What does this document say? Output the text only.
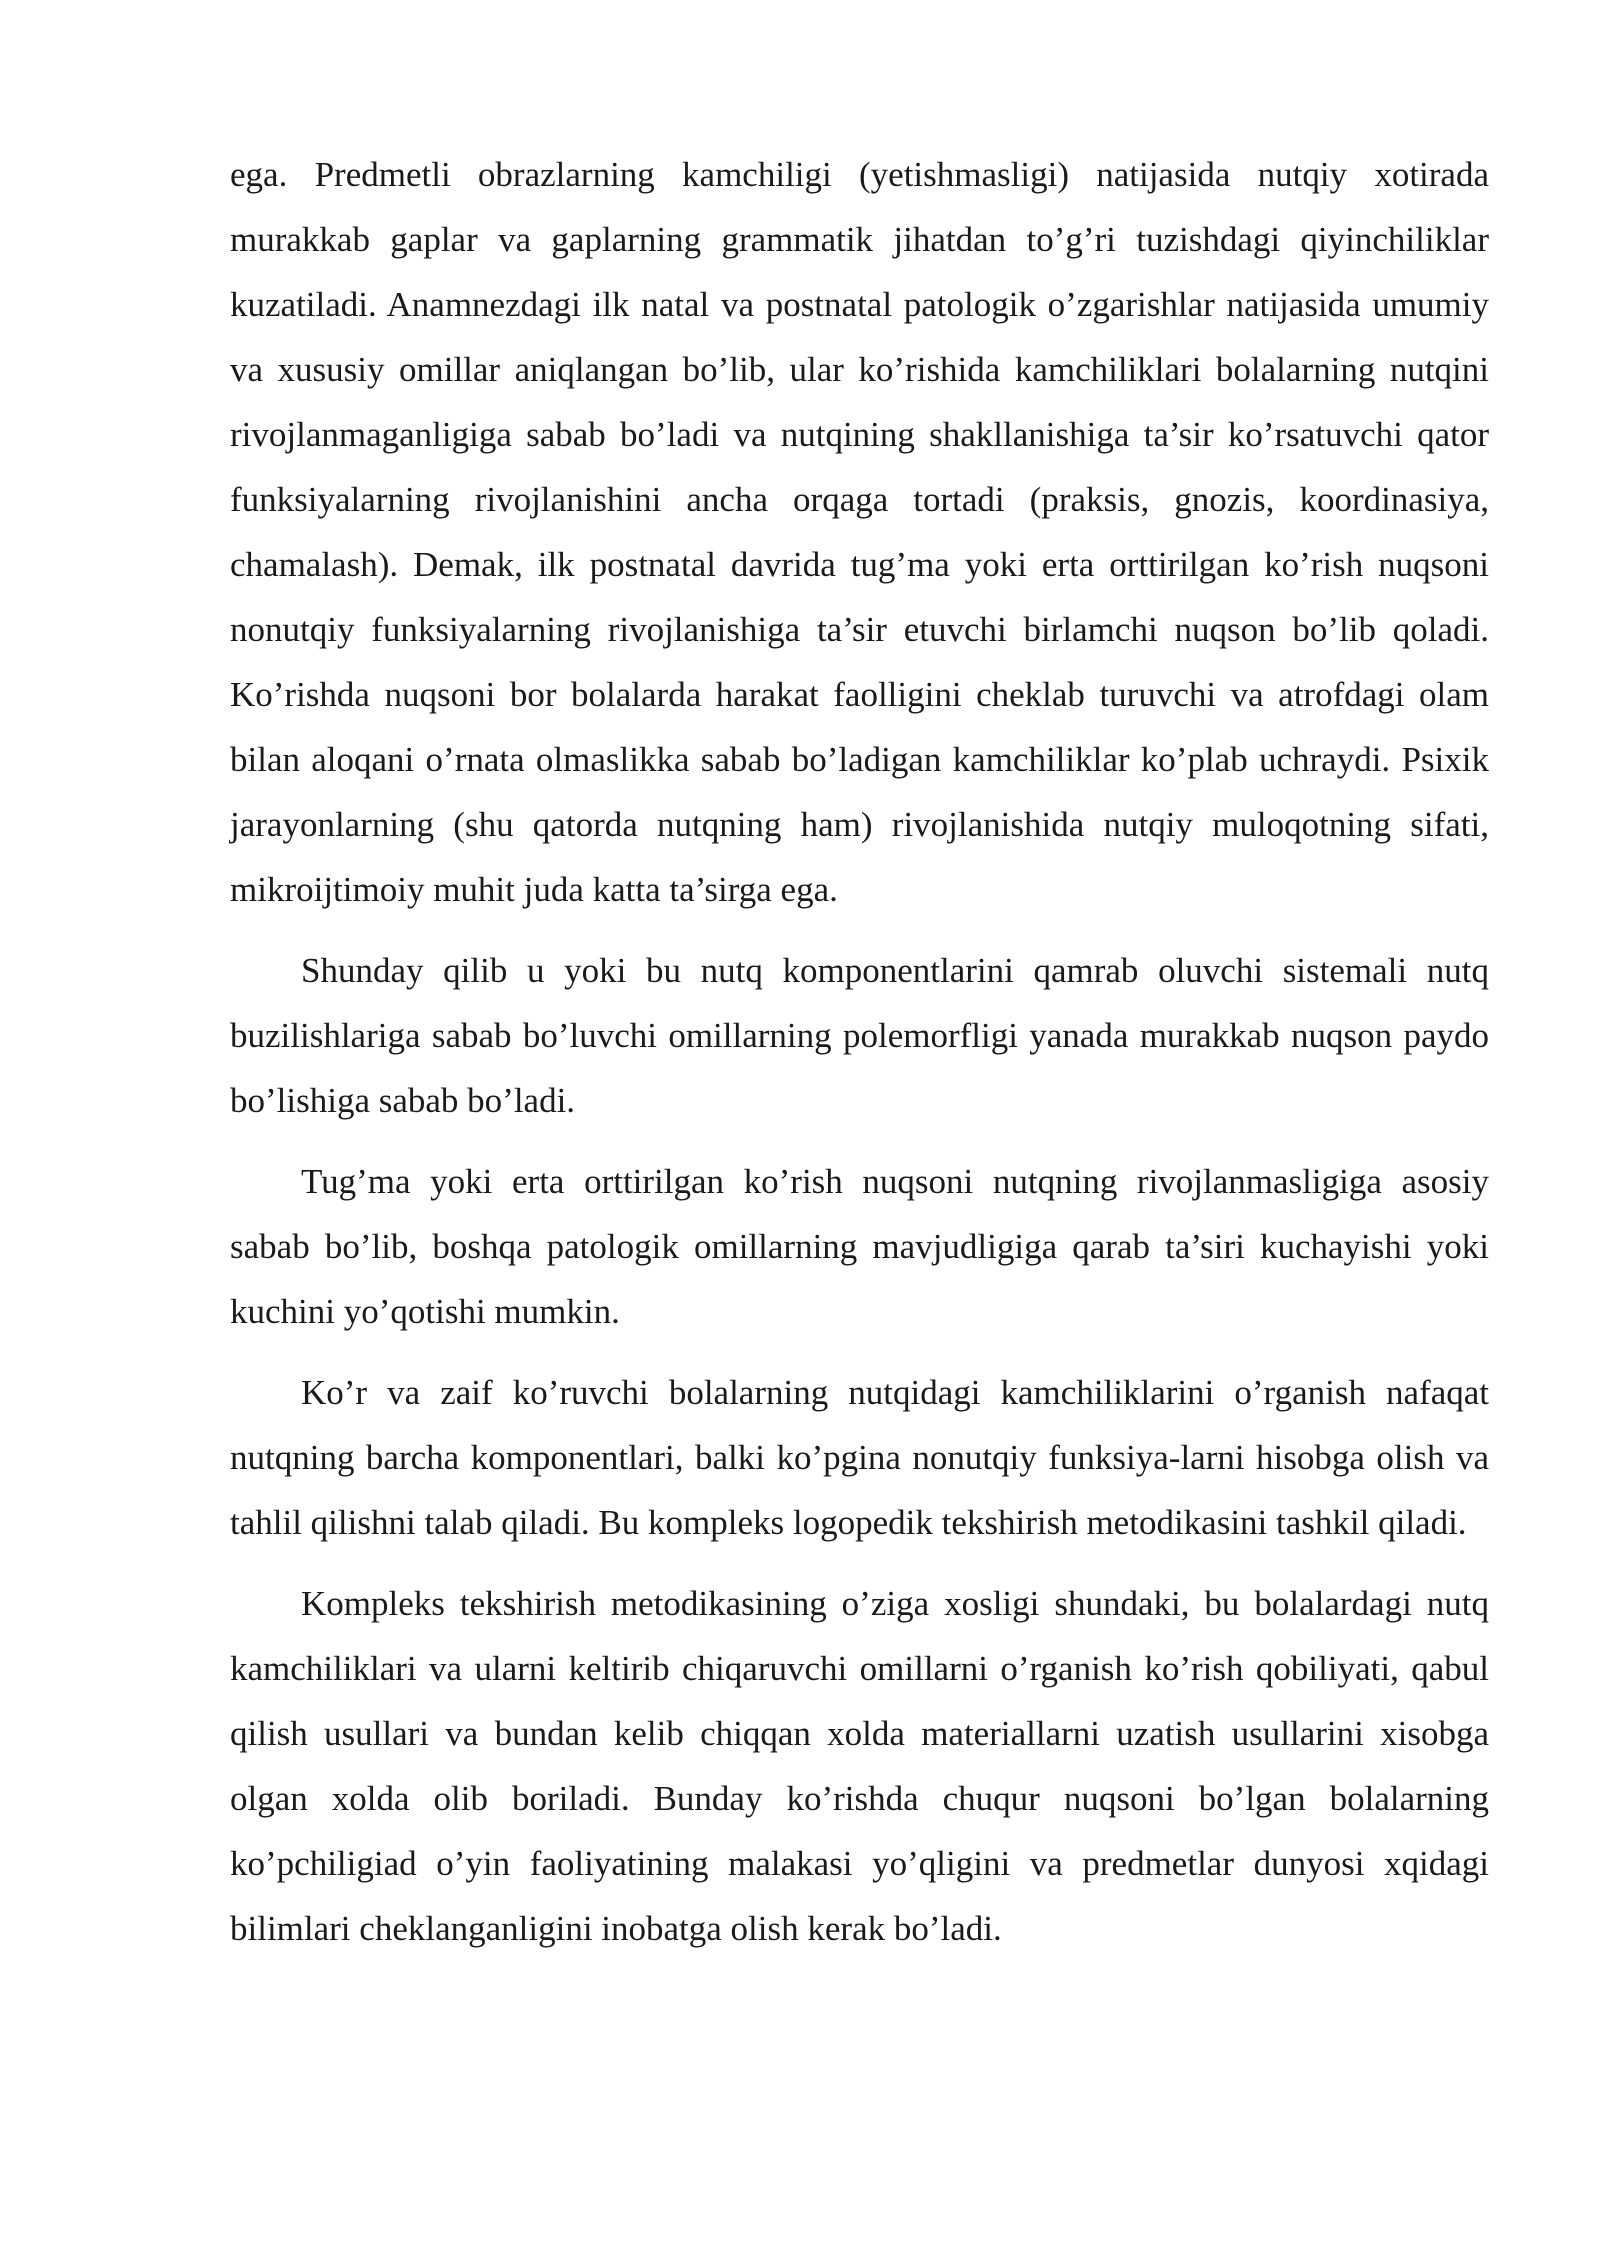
ega. Predmetli obrazlarning kamchiligi (yetishmasligi) natijasida nutqiy xotirada murakkab gaplar va gaplarning grammatik jihatdan to’g’ri tuzishdagi qiyinchiliklar kuzatiladi. Anamnezdagi ilk natal va postnatal patologik o’zgarishlar natijasida umumiy va xususiy omillar aniqlangan bo’lib, ular ko’rishida kamchiliklari bolalarning nutqini rivojlanmaganligiga sabab bo’ladi va nutqining shakllanishiga ta’sir ko’rsatuvchi qator funksiyalarning rivojlanishini ancha orqaga tortadi (praksis, gnozis, koordinasiya, chamalash). Demak, ilk postnatal davrida tug’ma yoki erta orttirilgan ko’rish nuqsoni nonutqiy funksiyalarning rivojlanishiga ta’sir etuvchi birlamchi nuqson bo’lib qoladi. Ko’rishda nuqsoni bor bolalarda harakat faolligini cheklab turuvchi va atrofdagi olam bilan aloqani o’rnata olmaslikka sabab bo’ladigan kamchiliklar ko’plab uchraydi. Psixik jarayonlarning (shu qatorda nutqning ham) rivojlanishida nutqiy muloqotning sifati, mikroijtimoiy muhit juda katta ta’sirga ega.

Shunday qilib u yoki bu nutq komponentlarini qamrab oluvchi sistemali nutq buzilishlariga sabab bo’luvchi omillarning polemorfligi yanada murakkab nuqson paydo bo’lishiga sabab bo’ladi.

Tug’ma yoki erta orttirilgan ko’rish nuqsoni nutqning rivojlanmasligiga asosiy sabab bo’lib, boshqa patologik omillarning mavjudligiga qarab ta’siri kuchayishi yoki kuchini yo’qotishi mumkin.

Ko’r va zaif ko’ruvchi bolalarning nutqidagi kamchiliklarini o’rganish nafaqat nutqning barcha komponentlari, balki ko’pgina nonutqiy funksiya-larni hisobga olish va tahlil qilishni talab qiladi. Bu kompleks logopedik tekshirish metodikasini tashkil qiladi.

Kompleks tekshirish metodikasining o’ziga xosligi shundaki, bu bolalardagi nutq kamchiliklari va ularni keltirib chiqaruvchi omillarni o’rganish ko’rish qobiliyati, qabul qilish usullari va bundan kelib chiqqan xolda materiallarni uzatish usullarini xisobga olgan xolda olib boriladi. Bunday ko’rishda chuqur nuqsoni bo’lgan bolalarning ko’pchiligiad o’yin faoliyatining malakasi yo’qligini va predmetlar dunyosi xqidagi bilimlari cheklanganligini inobatga olish kerak bo’ladi.
